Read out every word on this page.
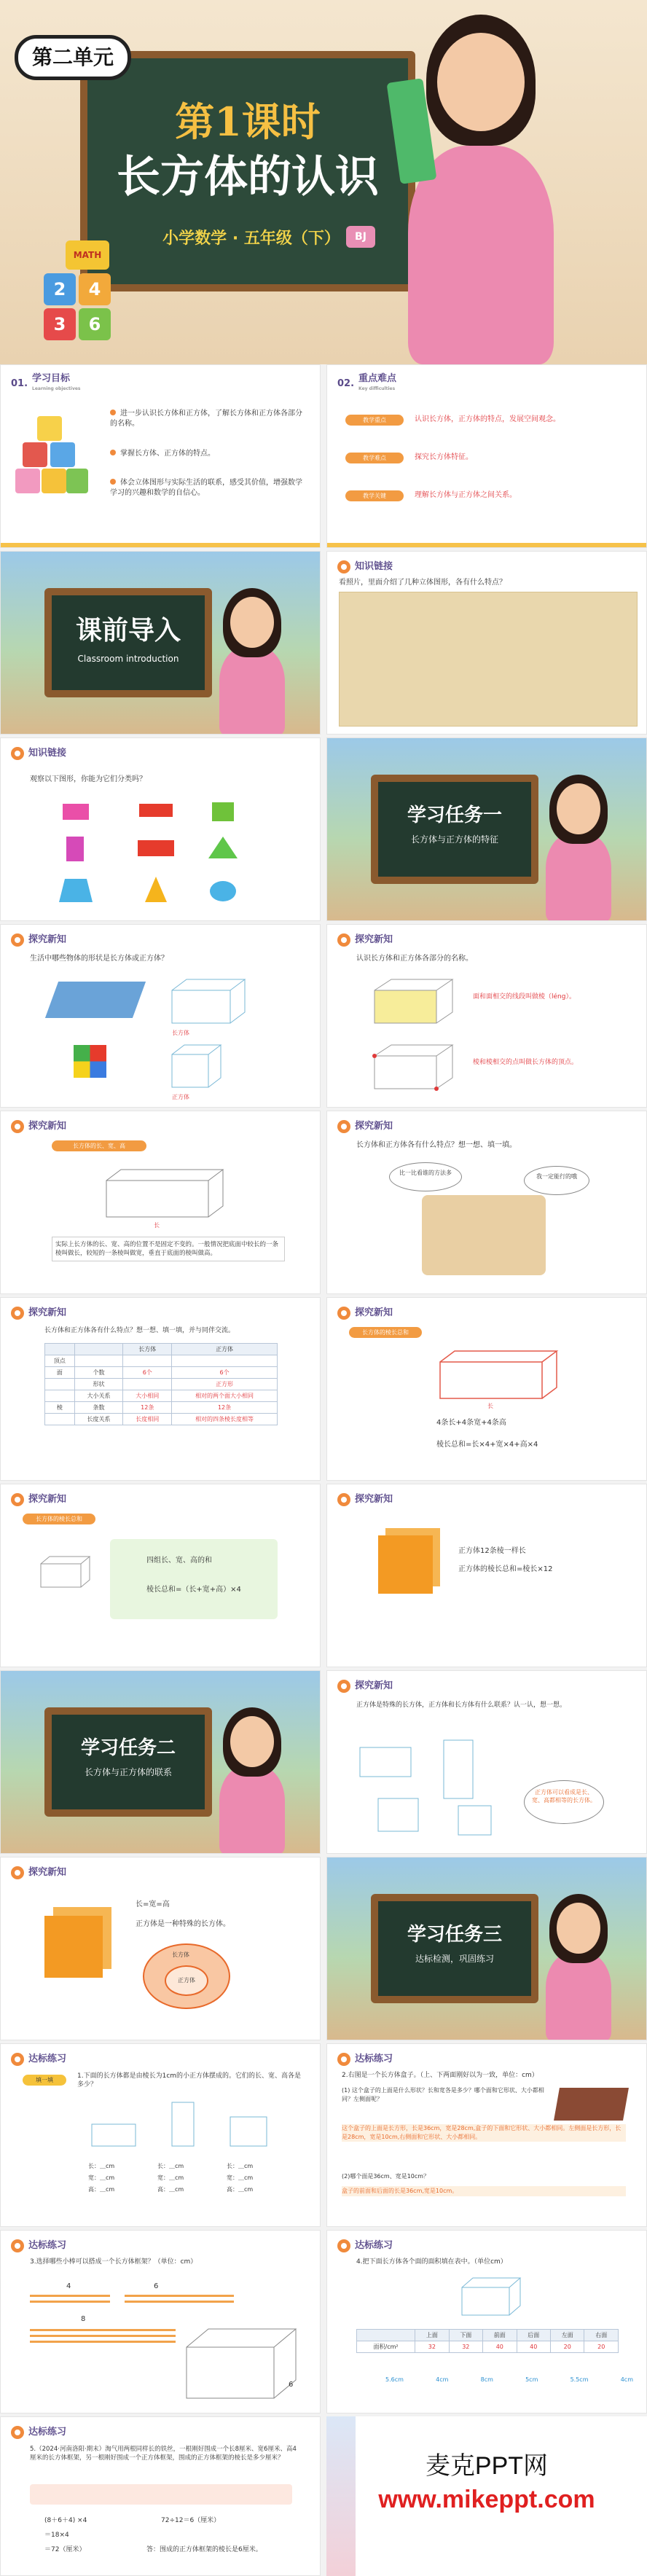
第二单元
第1课时
长方体的认识
小学数学 · 五年级（下）	BJ
MATH
2	4
3	6
01. 学习目标
Learning objectives
进一步认识长方体和正方体，了解长方体和正方体各部分的名称。
掌握长方体、正方体的特点。
体会立体图形与实际生活的联系，感受其价值，增强数学学习的兴趣和数学的自信心。
02. 重点难点
Key difficulties
教学重点	认识长方体，正方体的特点，发展空间观念。
教学难点	探究长方体特征。
教学关键	理解长方体与正方体之间关系。
课前导入
Classroom introduction
知识链接
看照片，里面介绍了几种立体图形，各有什么特点？
知识链接
观察以下图形，你能为它们分类吗？
学习任务一
长方体与正方体的特征
探究新知
生活中哪些物体的形状是长方体或正方体？
长方体
正方体
探究新知
认识长方体和正方体各部分的名称。
面和面相交的线段叫做棱（léng）。
棱和棱相交的点叫做长方体的顶点。
探究新知
长方体的长、宽、高
长
实际上长方体的长、宽、高的位置不是固定不变的。一般情况把底面中较长的一条棱叫做长，较短的一条棱叫做宽，垂直于底面的棱叫做高。
探究新知
长方体和正方体各有什么特点？想一想、填一填。
比一比看谁的方法多
我一定能行的哦
探究新知
长方体和正方体各有什么特点？想一想、填一填，并与同伴交流。
		长方体	正方体
顶点			
面	个数	6个	6个
	形状		正方形
	大小关系	大小相同	相对的两个面大小相同
棱	条数	12条	12条
	长度关系	长度相同	相对的四条棱长度相等
探究新知
长方体的棱长总和
长
4条长+4条宽+4条高
棱长总和=长×4+宽×4+高×4
探究新知
长方体的棱长总和
四组长、宽、高的和
棱长总和=（长+宽+高）×4
探究新知
正方体12条棱一样长
正方体的棱长总和=棱长×12
学习任务二
长方体与正方体的联系
探究新知
正方体是特殊的长方体，正方体和长方体有什么联系？认一认，想一想。
正方体可以看成是长、宽、高都相等的长方体。
探究新知
长=宽=高
正方体是一种特殊的长方体。
长方体
正方体
学习任务三
达标检测，巩固练习
达标练习
填一填
1.下面的长方体都是由棱长为1cm的小正方体摆成的。它们的长、宽、高各是多少？
长：＿cm
宽：＿cm
高：＿cm
长：＿cm
宽：＿cm
高：＿cm
长：＿cm
宽：＿cm
高：＿cm
达标练习
2.右图是一个长方体盒子。（上、下两面刚好以为一致，单位：cm）
(1) 这个盒子的上面是什么形状？长和宽各是多少？哪个面和它形状、大小都相同？左侧面呢？
这个盒子的上面是长方形，长是36cm，宽是28cm,盒子的下面和它形状、大小都相同。左侧面是长方形，长是28cm，宽是10cm,右侧面和它形状、大小都相同。
(2)哪个面是36cm、宽是10cm？
盒子的前面和后面的长是36cm,宽是10cm。
达标练习
3.选择哪些小棒可以搭成一个长方体框架？（单位：cm）
4	6
8
6
达标练习
4.把下面长方体各个面的面积填在表中。（单位cm）
	上面	下面	前面	后面	左面	右面
面积/cm²	32	32	40	40	20	20
5.6cm	4cm	8cm	5cm	5.5cm	4cm
达标练习
5.（2024·河南洛阳·期末）淘气用两根同样长的铁丝，一根刚好围成一个长8厘米、宽6厘米、高4厘米的长方体框架，另一根刚好围成一个正方体框架，围成的正方体框架的棱长是多少厘米？
(8＋6＋4) ×4	72÷12＝6（厘米）
＝18×4
＝72（厘米）	答：围成的正方体框架的棱长是6厘米。
麦克PPT网
www.mikeppt.com
